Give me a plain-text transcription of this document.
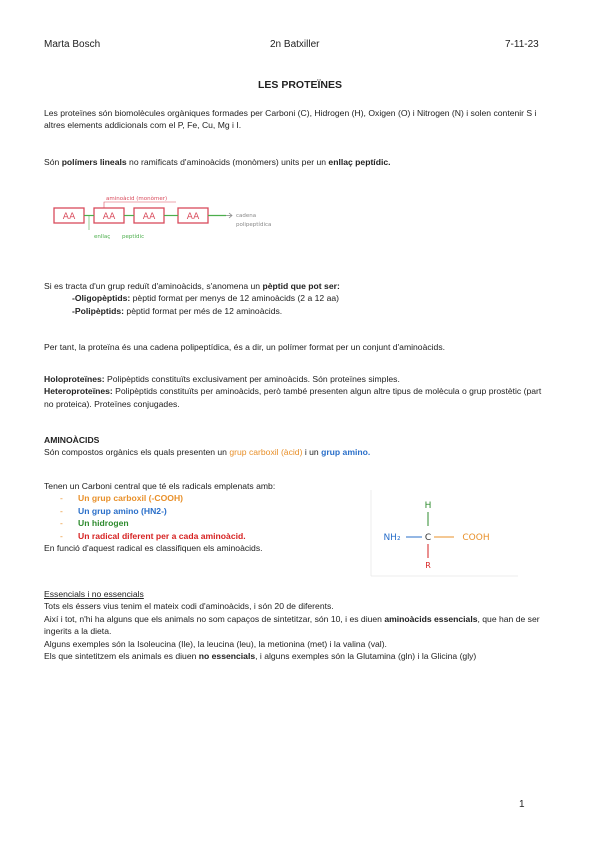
Marta Bosch	2n Batxiller	7-11-23
LES PROTEÏNES
Les proteïnes són biomolècules orgàniques formades per Carboni (C), Hidrogen (H), Oxigen (O) i Nitrogen (N) i solen contenir S i altres elements addicionals com el P, Fe, Cu, Mg i I.
Són polímers lineals no ramificats d'aminoàcids (monòmers) units per un enllaç peptídic.
AA	AA	AA	AA
aminoàcid (monòmer)
enllaç peptídic
cadena
polipeptídica
Si es tracta d'un grup reduït d'aminoàcids, s'anomena un pèptid que pot ser:
-Oligopèptids: pèptid format per menys de 12 aminoàcids (2 a 12 aa)
-Polipèptids: pèptid format per més de 12 aminoàcids.
Per tant, la proteïna és una cadena polipeptídica, és a dir, un polímer format per un conjunt d'aminoàcids.
Holoproteïnes: Polipèptids constituïts exclusivament per aminoàcids. Són proteïnes simples.
Heteroproteïnes: Polipèptids constituïts per aminoàcids, però també presenten algun altre tipus de molècula o grup prostètic (part no proteica). Proteïnes conjugades.
AMINOÀCIDS
Són compostos orgànics els quals presenten un grup carboxil (àcid) i un grup amino.
Tenen un Carboni central que té els radicals emplenats amb:
- Un grup carboxil (-COOH)
- Un grup amino (HN2-)
- Un hidrogen
- Un radical diferent per a cada aminoàcid.
En funció d'aquest radical es classifiquen els aminoàcids.
H
NH₂	C	COOH
R
Essencials i no essencials
Tots els éssers vius tenim el mateix codi d'aminoàcids, i són 20 de diferents.
Així i tot, n'hi ha alguns que els animals no som capaços de sintetitzar, són 10, i es diuen aminoàcids essencials, que han de ser ingerits a la dieta.
Alguns exemples són la Isoleucina (Ile), la leucina (leu), la metionina (met) i la valina (val).
Els que sintetitzem els animals es diuen no essencials, i alguns exemples són la Glutamina (gln) i la Glicina (gly)
1
